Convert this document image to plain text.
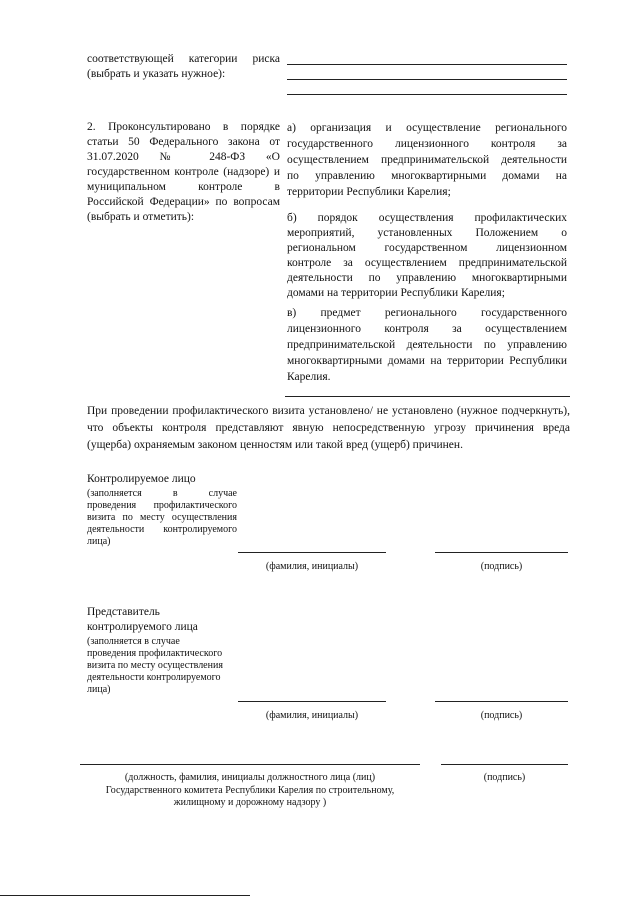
соответствующей категории риска
(выбрать и указать нужное):
2. Проконсультировано в порядке
статьи 50 Федерального закона от
31.07.2020 № 248-ФЗ «О
государственном контроле (надзоре) и
муниципальном контроле в
Российской Федерации» по вопросам
(выбрать и отметить):
а) организация и осуществление регионального
государственного лицензионного контроля за
осуществлением предпринимательской деятельности
по управлению многоквартирными домами на
территории Республики Карелия;
б) порядок осуществления профилактических
мероприятий, установленных Положением о
региональном государственном лицензионном
контроле за осуществлением предпринимательской
деятельности по управлению многоквартирными
домами на территории Республики Карелия;
в) предмет регионального государственного
лицензионного контроля за осуществлением
предпринимательской деятельности по управлению
многоквартирными домами на территории Республики
Карелия.
При проведении профилактического визита установлено/ не установлено (нужное подчеркнуть),
что объекты контроля представляют явную непосредственную угрозу причинения вреда
(ущерба) охраняемым законом ценностям или такой вред (ущерб) причинен.
Контролируемое лицо
(заполняется в случае
проведения профилактического
визита по месту осуществления
деятельности контролируемого
лица)
(фамилия, инициалы)	(подпись)
Представитель
контролируемого лица
(заполняется в случае
проведения профилактического
визита по месту осуществления
деятельности контролируемого
лица)
(фамилия, инициалы)	(подпись)
(должность, фамилия, инициалы должностного лица (лиц)
Государственного комитета Республики Карелия по строительному,
жилищному и дорожному надзору )
(подпись)
